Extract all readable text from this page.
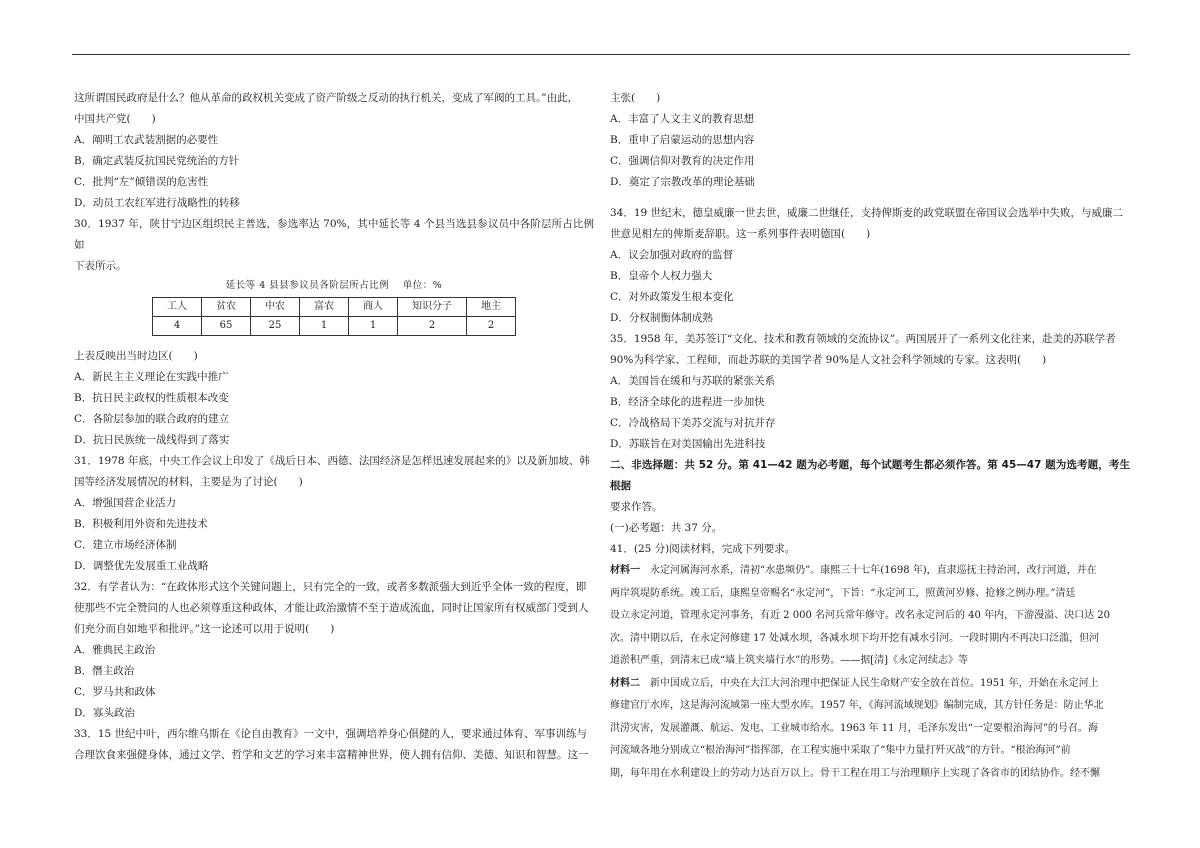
这所谓国民政府是什么？他从革命的政权机关变成了资产阶级之反动的执行机关，变成了军阀的工具。”由此，

中国共产党(　　)

A．阐明工农武装割据的必要性

B．确定武装反抗国民党统治的方针

C．批判“左”倾错误的危害性

D．动员工农红军进行战略性的转移

30．1937 年，陕甘宁边区组织民主普选，参选率达 70%，其中延长等 4 个县当选县参议员中各阶层所占比例如

下表所示。

延长等 4 县县参议员各阶层所占比例　 单位：%

工人	贫农	中农	富农	商人	知识分子	地主
4	65	25	1	1	2	2

上表反映出当时边区(　　)

A．新民主主义理论在实践中推广

B．抗日民主政权的性质根本改变

C．各阶层参加的联合政府的建立

D．抗日民族统一战线得到了落实

31．1978 年底，中央工作会议上印发了《战后日本、西德、法国经济是怎样迅速发展起来的》以及新加坡、韩

国等经济发展情况的材料，主要是为了讨论(　　)

A．增强国营企业活力

B．积极利用外资和先进技术

C．建立市场经济体制

D．调整优先发展重工业战略

32．有学者认为：“在政体形式这个关键问题上，只有完全的一致，或者多数派强大到近乎全体一致的程度，即

使那些不完全赞同的人也必须尊重这种政体，才能让政治激情不至于造成流血，同时让国家所有权威部门受到人

们充分而自如地平和批评。”这一论述可以用于说明(　　)

A．雅典民主政治

B．僭主政治

C．罗马共和政体

D．寡头政治

33．15 世纪中叶，西尔维乌斯在《论自由教育》一文中，强调培养身心俱健的人，要求通过体育、军事训练与

合理饮食来强健身体，通过文学、哲学和文艺的学习来丰富精神世界，使人拥有信仰、美德、知识和智慧。这一

主张(　　)

A．丰富了人文主义的教育思想

B．重申了启蒙运动的思想内容

C．强调信仰对教育的决定作用

D．奠定了宗教改革的理论基础

34．19 世纪末，德皇威廉一世去世，威廉二世继任，支持俾斯麦的政党联盟在帝国议会选举中失败，与威廉二

世意见相左的俾斯麦辞职。这一系列事件表明德国(　　)

A．议会加强对政府的监督

B．皇帝个人权力强大

C．对外政策发生根本变化

D．分权制衡体制成熟

35．1958 年，美苏签订“文化、技术和教育领域的交流协议”。两国展开了一系列文化往来，赴美的苏联学者

90%为科学家、工程师，而赴苏联的美国学者 90%是人文社会科学领域的专家。这表明(　　)

A．美国旨在缓和与苏联的紧张关系

B．经济全球化的进程进一步加快

C．冷战格局下美苏交流与对抗并存

D．苏联旨在对美国输出先进科技

二、非选择题：共 52 分。第 41—42 题为必考题，每个试题考生都必须作答。第 45—47 题为选考题，考生根据

要求作答。

(一)必考题：共 37 分。

41．(25 分)阅读材料，完成下列要求。

材料一　永定河属海河水系，清初“水患频仍”。康熙三十七年(1698 年)，直隶巡抚主持治河，改行河道，并在

两岸筑堤防系统。竣工后，康熙皇帝赐名“永定河”，下旨：“永定河工，照黄河岁修、抢修之例办理。”清廷

设立永定河道，管理永定河事务，有近 2 000 名河兵常年修守。改名永定河后的 40 年内，下游漫溢、决口达 20

次。清中期以后，在永定河修建 17 处减水坝，各减水坝下均开挖有减水引河。一段时期内不再决口泛滥，但河

道淤积严重，到清末已成“墙上筑夹墙行水”的形势。——据[清]《永定河续志》等

材料二　新中国成立后，中央在大江大河治理中把保证人民生命财产安全放在首位。1951 年，开始在永定河上

修建官厅水库，这是海河流域第一座大型水库。1957 年，《海河流域规划》编制完成，其方针任务是：防止华北

洪涝灾害，发展灌溉、航运、发电、工业城市给水。1963 年 11 月，毛泽东发出“一定要根治海河”的号召。海

河流域各地分别成立“根治海河”指挥部，在工程实施中采取了“集中力量打歼灭战”的方针。“根治海河”前

期，每年用在水利建设上的劳动力达百万以上。骨干工程在用工与治理顺序上实现了各省市的团结协作。经不懈
